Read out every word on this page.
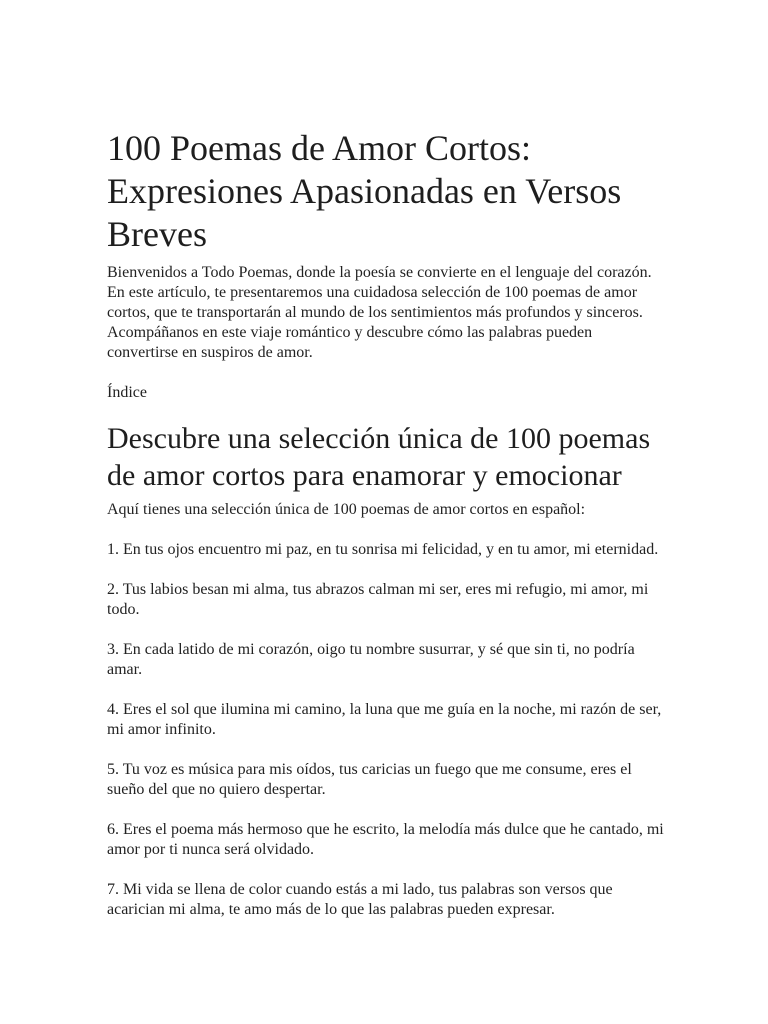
100 Poemas de Amor Cortos: Expresiones Apasionadas en Versos Breves

Bienvenidos a Todo Poemas, donde la poesía se convierte en el lenguaje del corazón. En este artículo, te presentaremos una cuidadosa selección de 100 poemas de amor cortos, que te transportarán al mundo de los sentimientos más profundos y sinceros. Acompáñanos en este viaje romántico y descubre cómo las palabras pueden convertirse en suspiros de amor.

Índice
Descubre una selección única de 100 poemas de amor cortos para enamorar y emocionar

Aquí tienes una selección única de 100 poemas de amor cortos en español:

1. En tus ojos encuentro mi paz, en tu sonrisa mi felicidad, y en tu amor, mi eternidad.
2. Tus labios besan mi alma, tus abrazos calman mi ser, eres mi refugio, mi amor, mi todo.
3. En cada latido de mi corazón, oigo tu nombre susurrar, y sé que sin ti, no podría amar.
4. Eres el sol que ilumina mi camino, la luna que me guía en la noche, mi razón de ser, mi amor infinito.
5. Tu voz es música para mis oídos, tus caricias un fuego que me consume, eres el sueño del que no quiero despertar.
6. Eres el poema más hermoso que he escrito, la melodía más dulce que he cantado, mi amor por ti nunca será olvidado.
7. Mi vida se llena de color cuando estás a mi lado, tus palabras son versos que acarician mi alma, te amo más de lo que las palabras pueden expresar.
